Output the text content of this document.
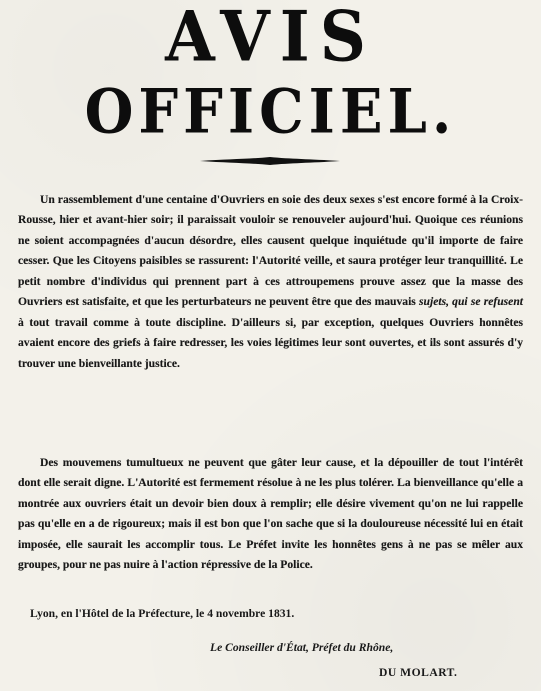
AVIS
OFFICIEL.

Un rassemblement d'une centaine d'Ouvriers en soie des deux sexes s'est encore formé à la Croix-Rousse, hier et avant-hier soir; il paraissait vouloir se renouveler aujourd'hui. Quoique ces réunions ne soient accompagnées d'aucun désordre, elles causent quelque inquiétude qu'il importe de faire cesser. Que les Citoyens paisibles se rassurent: l'Autorité veille, et saura protéger leur tranquillité. Le petit nombre d'individus qui prennent part à ces attroupemens prouve assez que la masse des Ouvriers est satisfaite, et que les perturbateurs ne peuvent être que des mauvais sujets, qui se refusent à tout travail comme à toute discipline. D'ailleurs si, par exception, quelques Ouvriers honnêtes avaient encore des griefs à faire redresser, les voies légitimes leur sont ouvertes, et ils sont assurés d'y trouver une bienveillante justice.

Des mouvemens tumultueux ne peuvent que gâter leur cause, et la dépouiller de tout l'intérêt dont elle serait digne. L'Autorité est fermement résolue à ne les plus tolérer. La bienveillance qu'elle a montrée aux ouvriers était un devoir bien doux à remplir; elle désire vivement qu'on ne lui rappelle pas qu'elle en a de rigoureux; mais il est bon que l'on sache que si la douloureuse nécessité lui en était imposée, elle saurait les accomplir tous. Le Préfet invite les honnêtes gens à ne pas se mêler aux groupes, pour ne pas nuire à l'action répressive de la Police.

Lyon, en l'Hôtel de la Préfecture, le 4 novembre 1831.
Le Conseiller d'État, Préfet du Rhône,
DU MOLART.
